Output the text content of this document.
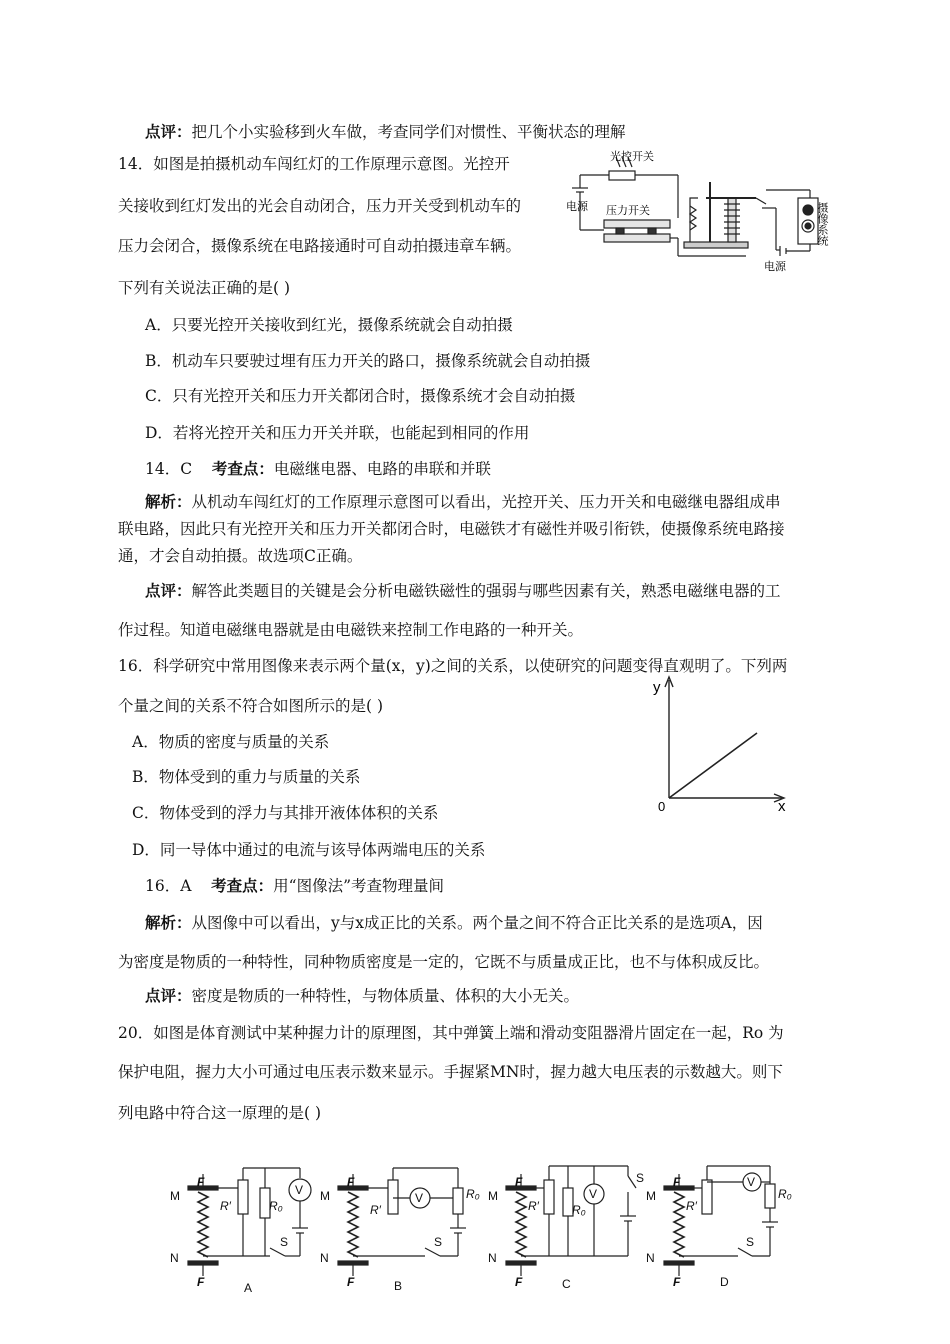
点评：把几个小实验移到火车做，考查同学们对惯性、平衡状态的理解
14．如图是拍摄机动车闯红灯的工作原理示意图。光控开
关接收到红灯发出的光会自动闭合，压力开关受到机动车的
压力会闭合，摄像系统在电路接通时可自动拍摄违章车辆。
下列有关说法正确的是( )
A．只要光控开关接收到红光，摄像系统就会自动拍摄
B．机动车只要驶过埋有压力开关的路口，摄像系统就会自动拍摄
C．只有光控开关和压力开关都闭合时，摄像系统才会自动拍摄
D．若将光控开关和压力开关并联，也能起到相同的作用
14．C 考查点：电磁继电器、电路的串联和并联
解析：从机动车闯红灯的工作原理示意图可以看出，光控开关、压力开关和电磁继电器组成串
联电路，因此只有光控开关和压力开关都闭合时，电磁铁才有磁性并吸引衔铁，使摄像系统电路接
通，才会自动拍摄。故选项C正确。
点评：解答此类题目的关键是会分析电磁铁磁性的强弱与哪些因素有关，熟悉电磁继电器的工
作过程。知道电磁继电器就是由电磁铁来控制工作电路的一种开关。
光控开关
电源 压力开关
电源
摄像系统
16．科学研究中常用图像来表示两个量(x，y)之间的关系，以使研究的问题变得直观明了。下列两
个量之间的关系不符合如图所示的是( )
A．物质的密度与质量的关系
B．物体受到的重力与质量的关系
C．物体受到的浮力与其排开液体体积的关系
D．同一导体中通过的电流与该导体两端电压的关系
16．A 考查点：用“图像法”考查物理量间
解析：从图像中可以看出，y与x成正比的关系。两个量之间不符合正比关系的是选项A，因
为密度是物质的一种特性，同种物质密度是一定的，它既不与质量成正比，也不与体积成反比。
点评：密度是物质的一种特性，与物体质量、体积的大小无关。
y
x
0
20．如图是体育测试中某种握力计的原理图，其中弹簧上端和滑动变阻器滑片固定在一起，Ro 为
保护电阻，握力大小可通过电压表示数来显示。手握紧MN时，握力越大电压表的示数越大。则下
列电路中符合这一原理的是( )
M
F
R′	R₀
V
S
N
F	A
M
F
R′
R₀
V
S
N
F	B
M
F
R′	R₀
V
S
N
F	C
M
F
R′
R₀
V
S
N
F	D
